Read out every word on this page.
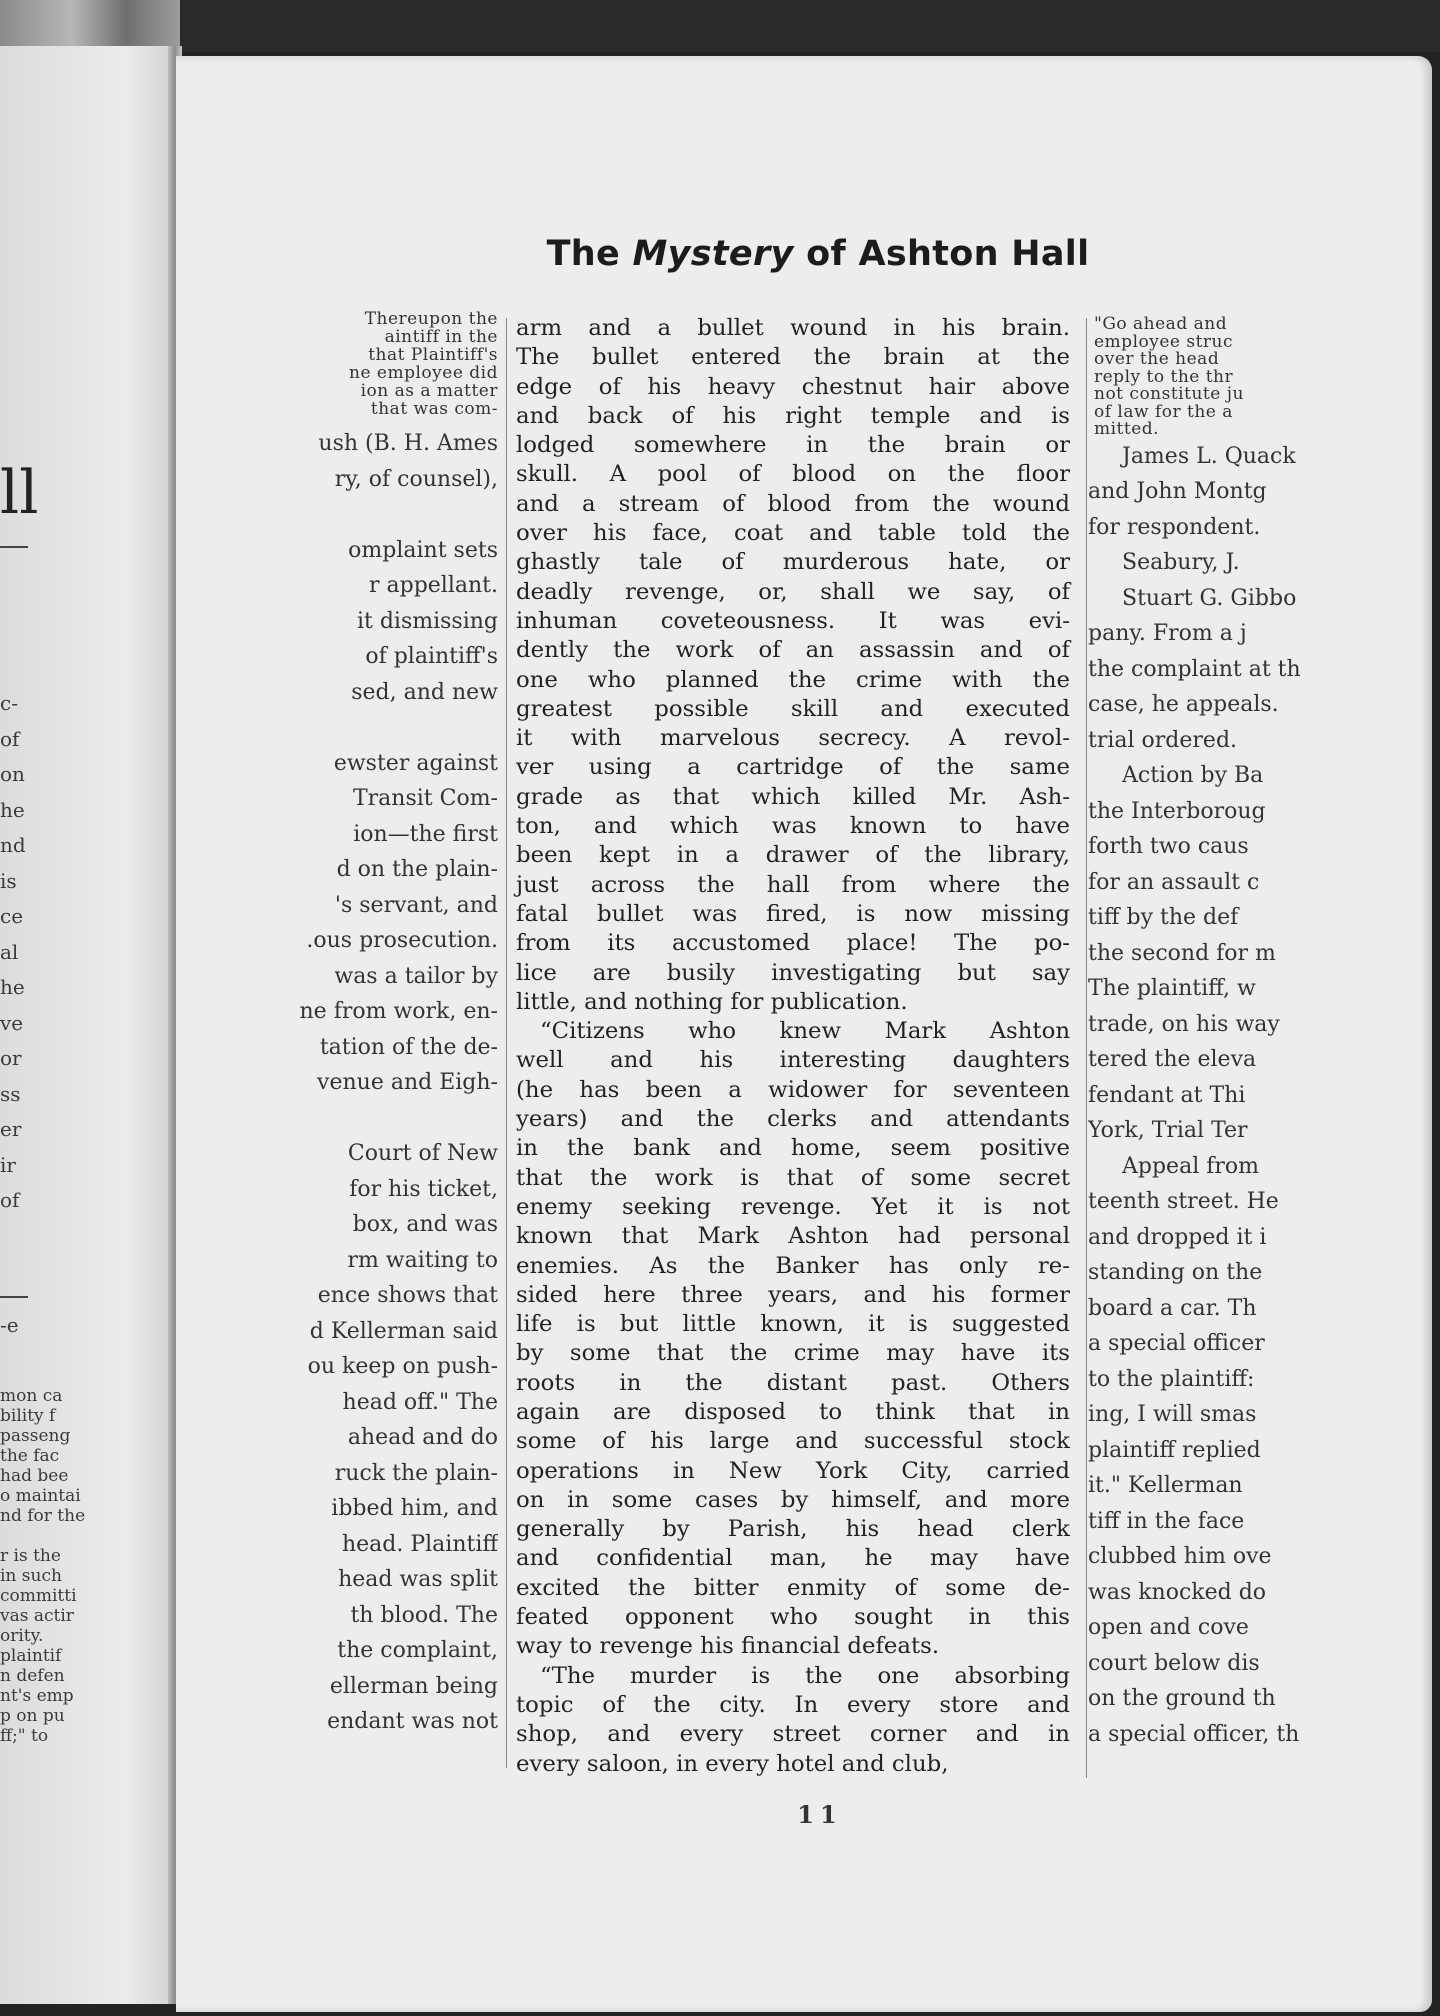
ll
c-
of
on
he
nd
is
ce
al
he
ve
or
ss
er
ir
of
-e
mon ca
bility f
passeng
the fac
had bee
o maintai
nd for the

r is the
in such
committi
vas actir
ority.
plaintif
n defen
nt's emp
p on pu
ff;" to
The Mystery of Ashton Hall
Thereupon the
aintiff in the
that Plaintiff's
ne employee did
ion as a matter
that was com-
ush (B. H. Ames
ry, of counsel),

omplaint sets
r appellant.
it dismissing
of plaintiff's
sed, and new

ewster against
Transit Com-
ion—the first
d on the plain-
's servant, and
.ous prosecution.
was a tailor by
ne from work, en-
tation of the de-
venue and Eigh-

Court of New
for his ticket,
box, and was
rm waiting to
ence shows that
d Kellerman said
ou keep on push-
head off." The
ahead and do
ruck the plain-
ibbed him, and
head. Plaintiff
head was split
th blood. The
the complaint,
ellerman being
endant was not
arm and a bullet wound in his brain.
The bullet entered the brain at the
edge of his heavy chestnut hair above
and back of his right temple and is
lodged somewhere in the brain or
skull. A pool of blood on the floor
and a stream of blood from the wound
over his face, coat and table told the
ghastly tale of murderous hate, or
deadly revenge, or, shall we say, of
inhuman coveteousness. It was evi-
dently the work of an assassin and of
one who planned the crime with the
greatest possible skill and executed
it with marvelous secrecy. A revol-
ver using a cartridge of the same
grade as that which killed Mr. Ash-
ton, and which was known to have
been kept in a drawer of the library,
just across the hall from where the
fatal bullet was fired, is now missing
from its accustomed place! The po-
lice are busily investigating but say
little, and nothing for publication.
“Citizens who knew Mark Ashton
well and his interesting daughters
(he has been a widower for seventeen
years) and the clerks and attendants
in the bank and home, seem positive
that the work is that of some secret
enemy seeking revenge. Yet it is not
known that Mark Ashton had personal
enemies. As the Banker has only re-
sided here three years, and his former
life is but little known, it is suggested
by some that the crime may have its
roots in the distant past. Others
again are disposed to think that in
some of his large and successful stock
operations in New York City, carried
on in some cases by himself, and more
generally by Parish, his head clerk
and confidential man, he may have
excited the bitter enmity of some de-
feated opponent who sought in this
way to revenge his financial defeats.
“The murder is the one absorbing
topic of the city. In every store and
shop, and every street corner and in
every saloon, in every hotel and club,
"Go ahead and
employee struc
over the head
reply to the thr
not constitute ju
of law for the a
mitted.
James L. Quack
and John Montg
for respondent.
Seabury, J.
Stuart G. Gibbo
pany. From a j
the complaint at th
case, he appeals.
trial ordered.
Action by Ba
the Interboroug
forth two caus
for an assault c
tiff by the def
the second for m
The plaintiff, w
trade, on his way
tered the eleva
fendant at Thi
York, Trial Ter
Appeal from
teenth street. He
and dropped it i
standing on the
board a car. Th
a special officer
to the plaintiff:
ing, I will smas
plaintiff replied
it." Kellerman
tiff in the face
clubbed him ove
was knocked do
open and cove
court below dis
on the ground th
a special officer, th
11
